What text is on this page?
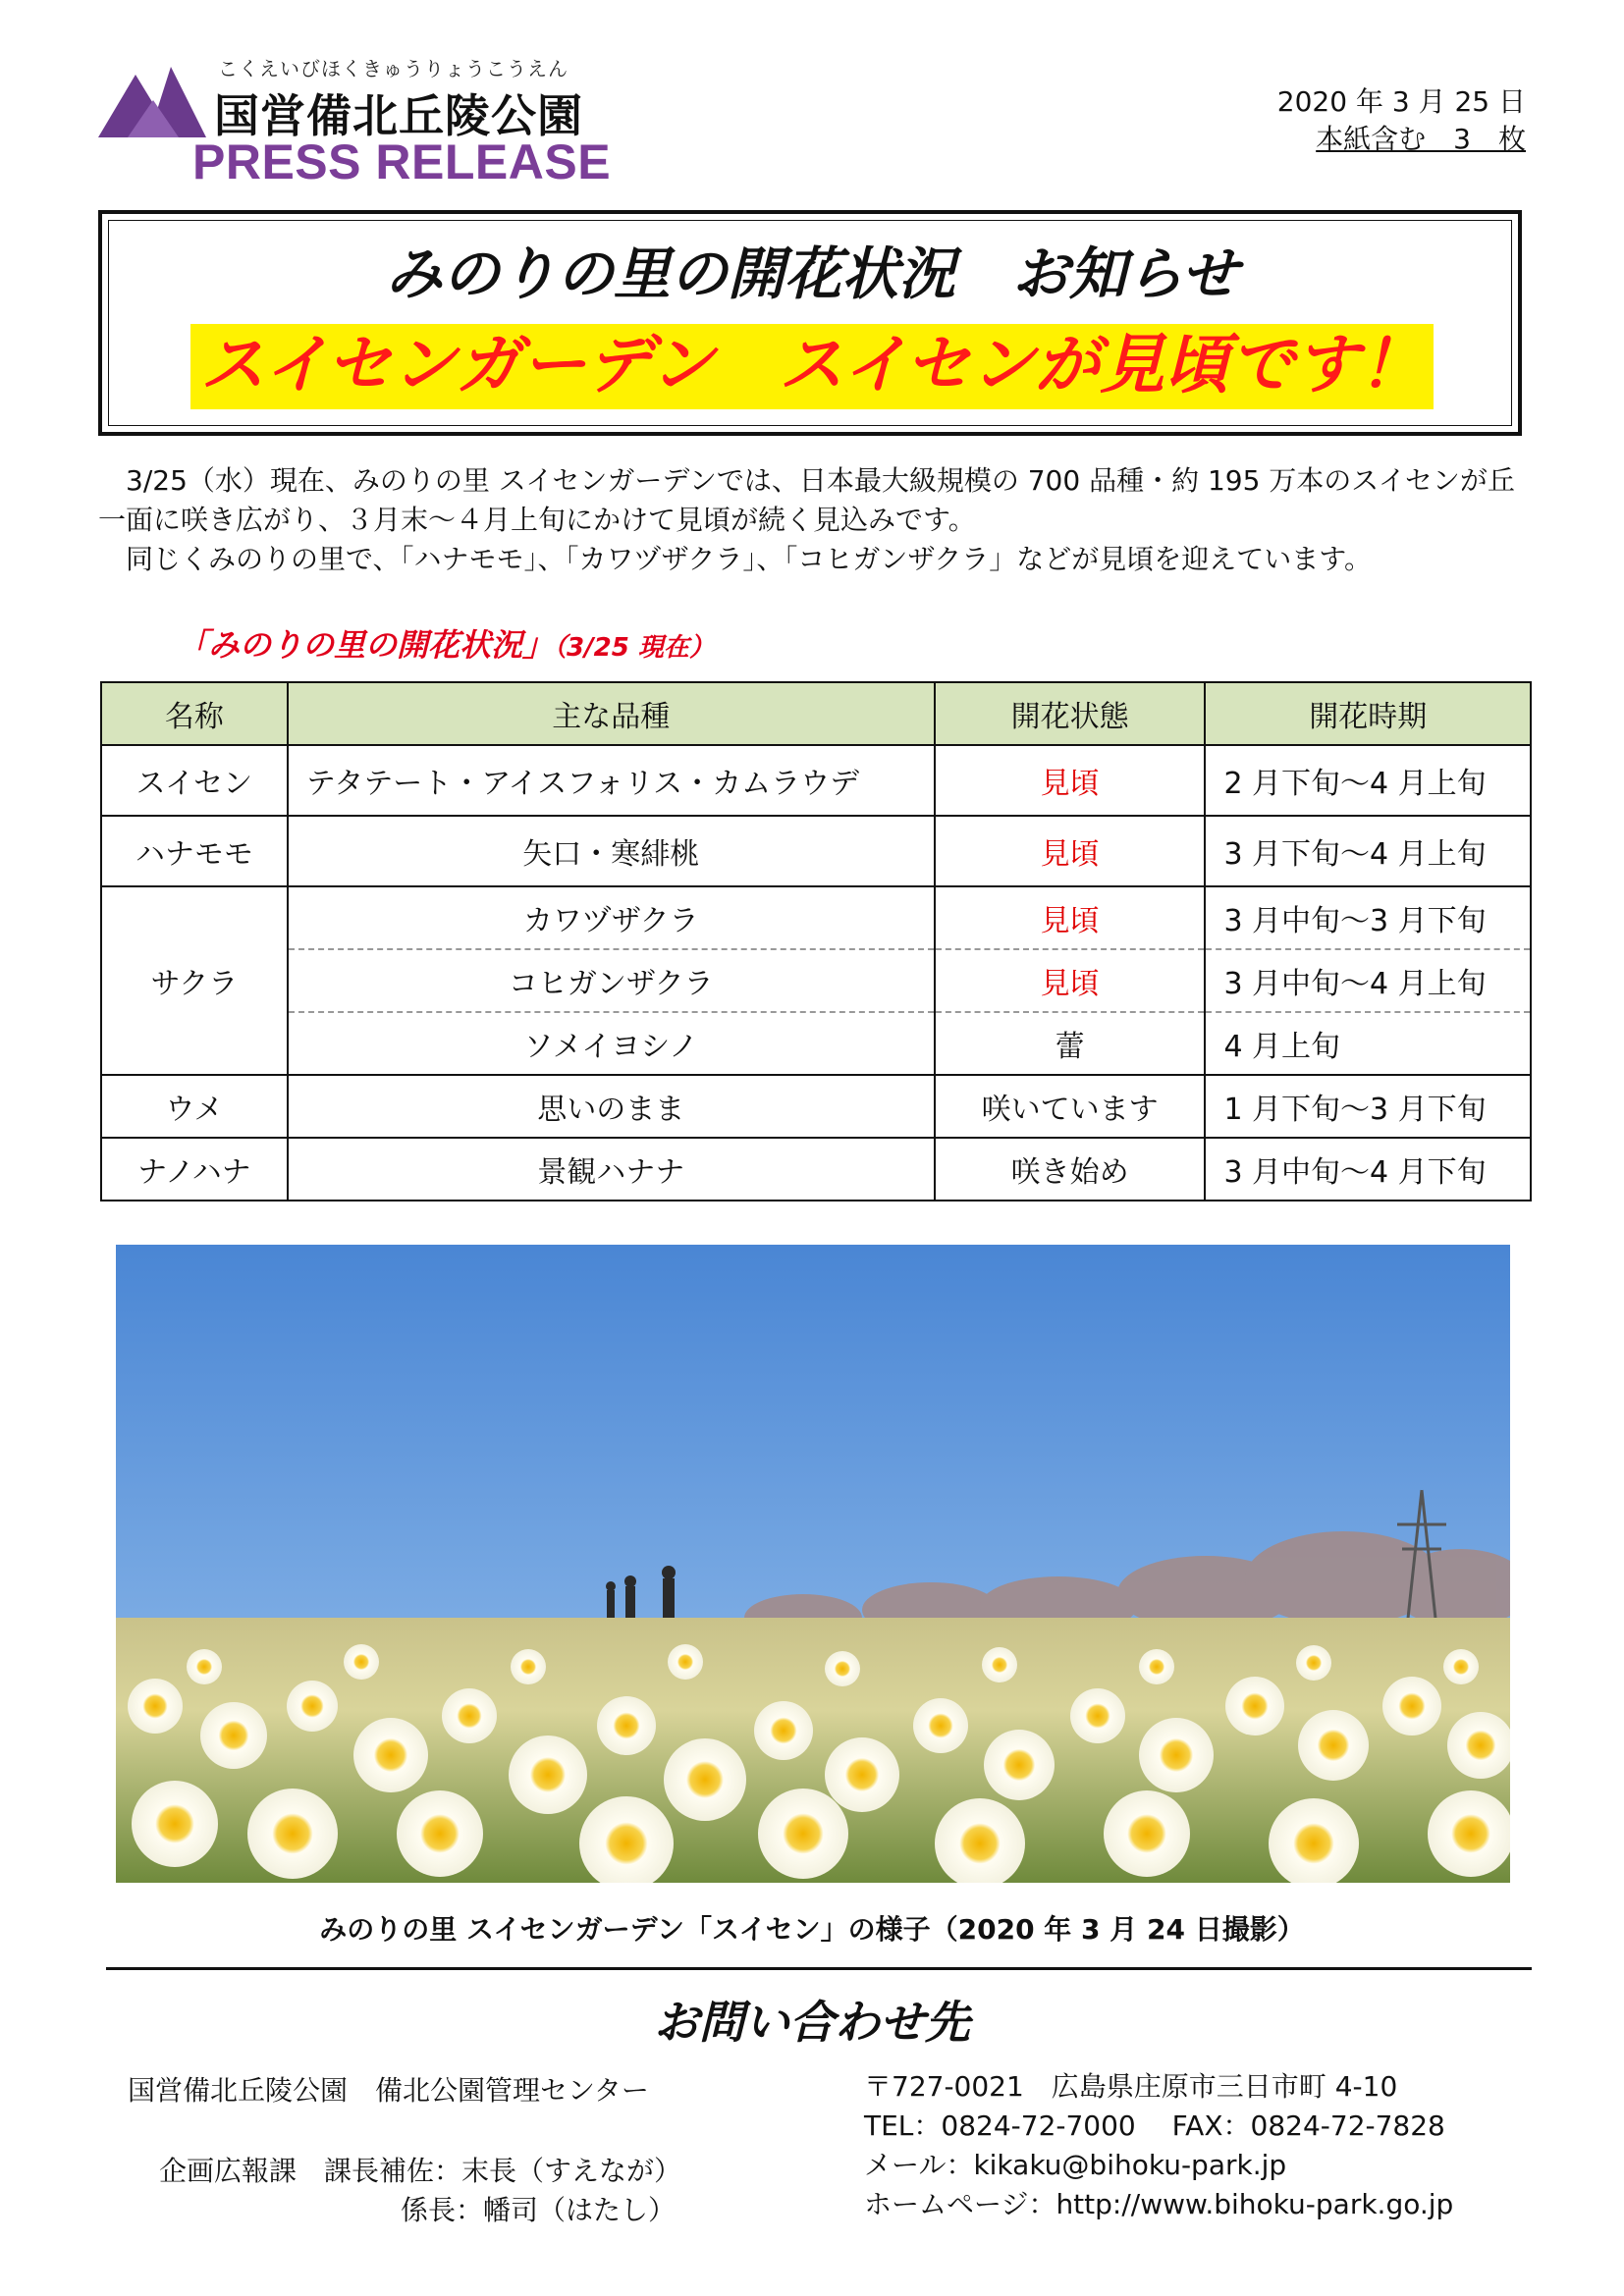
こくえいびほくきゅうりょうこうえん
国営備北丘陵公園
PRESS RELEASE
2020 年 3 月 25 日
本紙含む　3　枚
みのりの里の開花状況　お知らせ
スイセンガーデン　スイセンが見頃です！
　3/25（水）現在、みのりの里 スイセンガーデンでは、日本最大級規模の 700 品種・約 195 万本のスイセンが丘一面に咲き広がり、３月末～４月上旬にかけて見頃が続く見込みです。
　同じくみのりの里で、「ハナモモ」、「カワヅザクラ」、「コヒガンザクラ」などが見頃を迎えています。
「みのりの里の開花状況」（3/25 現在）
名称	主な品種	開花状態	開花時期
スイセン	テタテート・アイスフォリス・カムラウデ	見頃	2 月下旬～4 月上旬
ハナモモ	矢口・寒緋桃	見頃	3 月下旬～4 月上旬
サクラ	カワヅザクラ	見頃	3 月中旬～3 月下旬
	コヒガンザクラ	見頃	3 月中旬～4 月上旬
	ソメイヨシノ	蕾	4 月上旬
ウメ	思いのまま	咲いています	1 月下旬～3 月下旬
ナノハナ	景観ハナナ	咲き始め	3 月中旬～4 月下旬
みのりの里 スイセンガーデン「スイセン」の様子（2020 年 3 月 24 日撮影）
お問い合わせ先
国営備北丘陵公園　備北公園管理センター
企画広報課　課長補佐：末長（すえなが）
係長：幡司（はたし）
〒727-0021　広島県庄原市三日市町 4-10
TEL：0824-72-7000　 FAX：0824-72-7828
メール：kikaku@bihoku-park.jp
ホームページ：http://www.bihoku-park.go.jp
